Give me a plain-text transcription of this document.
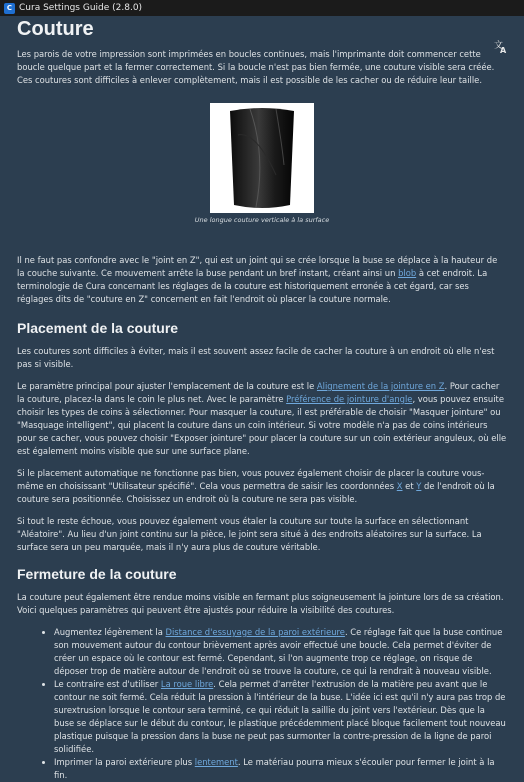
C Cura Settings Guide (2.8.0)
Couture
文
A

Les parois de votre impression sont imprimées en boucles continues, mais l'imprimante doit commencer cette boucle quelque part et la fermer correctement. Si la boucle n'est pas bien fermée, une couture visible sera créée. Ces coutures sont difficiles à enlever complètement, mais il est possible de les cacher ou de réduire leur taille.

Une longue couture verticale à la surface

Il ne faut pas confondre avec le "joint en Z", qui est un joint qui se crée lorsque la buse se déplace à la hauteur de la couche suivante. Ce mouvement arrête la buse pendant un bref instant, créant ainsi un blob à cet endroit. La terminologie de Cura concernant les réglages de la couture est historiquement erronée à cet égard, car ses réglages dits de "couture en Z" concernent en fait l'endroit où placer la couture normale.

Placement de la couture

Les coutures sont difficiles à éviter, mais il est souvent assez facile de cacher la couture à un endroit où elle n'est pas si visible.

Le paramètre principal pour ajuster l'emplacement de la couture est le Alignement de la jointure en Z. Pour cacher la couture, placez-la dans le coin le plus net. Avec le paramètre Préférence de jointure d'angle, vous pouvez ensuite choisir les types de coins à sélectionner. Pour masquer la couture, il est préférable de choisir "Masquer jointure" ou "Masquage intelligent", qui placent la couture dans un coin intérieur. Si votre modèle n'a pas de coins intérieurs pour se cacher, vous pouvez choisir "Exposer jointure" pour placer la couture sur un coin extérieur anguleux, où elle est également moins visible que sur une surface plane.

Si le placement automatique ne fonctionne pas bien, vous pouvez également choisir de placer la couture vous-même en choisissant "Utilisateur spécifié". Cela vous permettra de saisir les coordonnées X et Y de l'endroit où la couture sera positionnée. Choisissez un endroit où la couture ne sera pas visible.

Si tout le reste échoue, vous pouvez également vous étaler la couture sur toute la surface en sélectionnant "Aléatoire". Au lieu d'un joint continu sur la pièce, le joint sera situé à des endroits aléatoires sur la surface. La surface sera un peu marquée, mais il n'y aura plus de couture véritable.

Fermeture de la couture

La couture peut également être rendue moins visible en fermant plus soigneusement la jointure lors de sa création. Voici quelques paramètres qui peuvent être ajustés pour réduire la visibilité des coutures.

• Augmentez légèrement la Distance d'essuyage de la paroi extérieure. Ce réglage fait que la buse continue son mouvement autour du contour brièvement après avoir effectué une boucle. Cela permet d'éviter de créer un espace où le contour est fermé. Cependant, si l'on augmente trop ce réglage, on risque de déposer trop de matière autour de l'endroit où se trouve la couture, ce qui la rendrait à nouveau visible.
• Le contraire est d'utiliser La roue libre. Cela permet d'arrêter l'extrusion de la matière peu avant que le contour ne soit fermé. Cela réduit la pression à l'intérieur de la buse. L'idée ici est qu'il n'y aura pas trop de surextrusion lorsque le contour sera terminé, ce qui réduit la saillie du joint vers l'extérieur. Dès que la buse se déplace sur le début du contour, le plastique précédemment placé bloque facilement tout nouveau plastique puisque la pression dans la buse ne peut pas surmonter la contre-pression de la ligne de paroi solidifiée.
• Imprimer la paroi extérieure plus lentement. Le matériau pourra mieux s'écouler pour fermer le joint à la fin.
